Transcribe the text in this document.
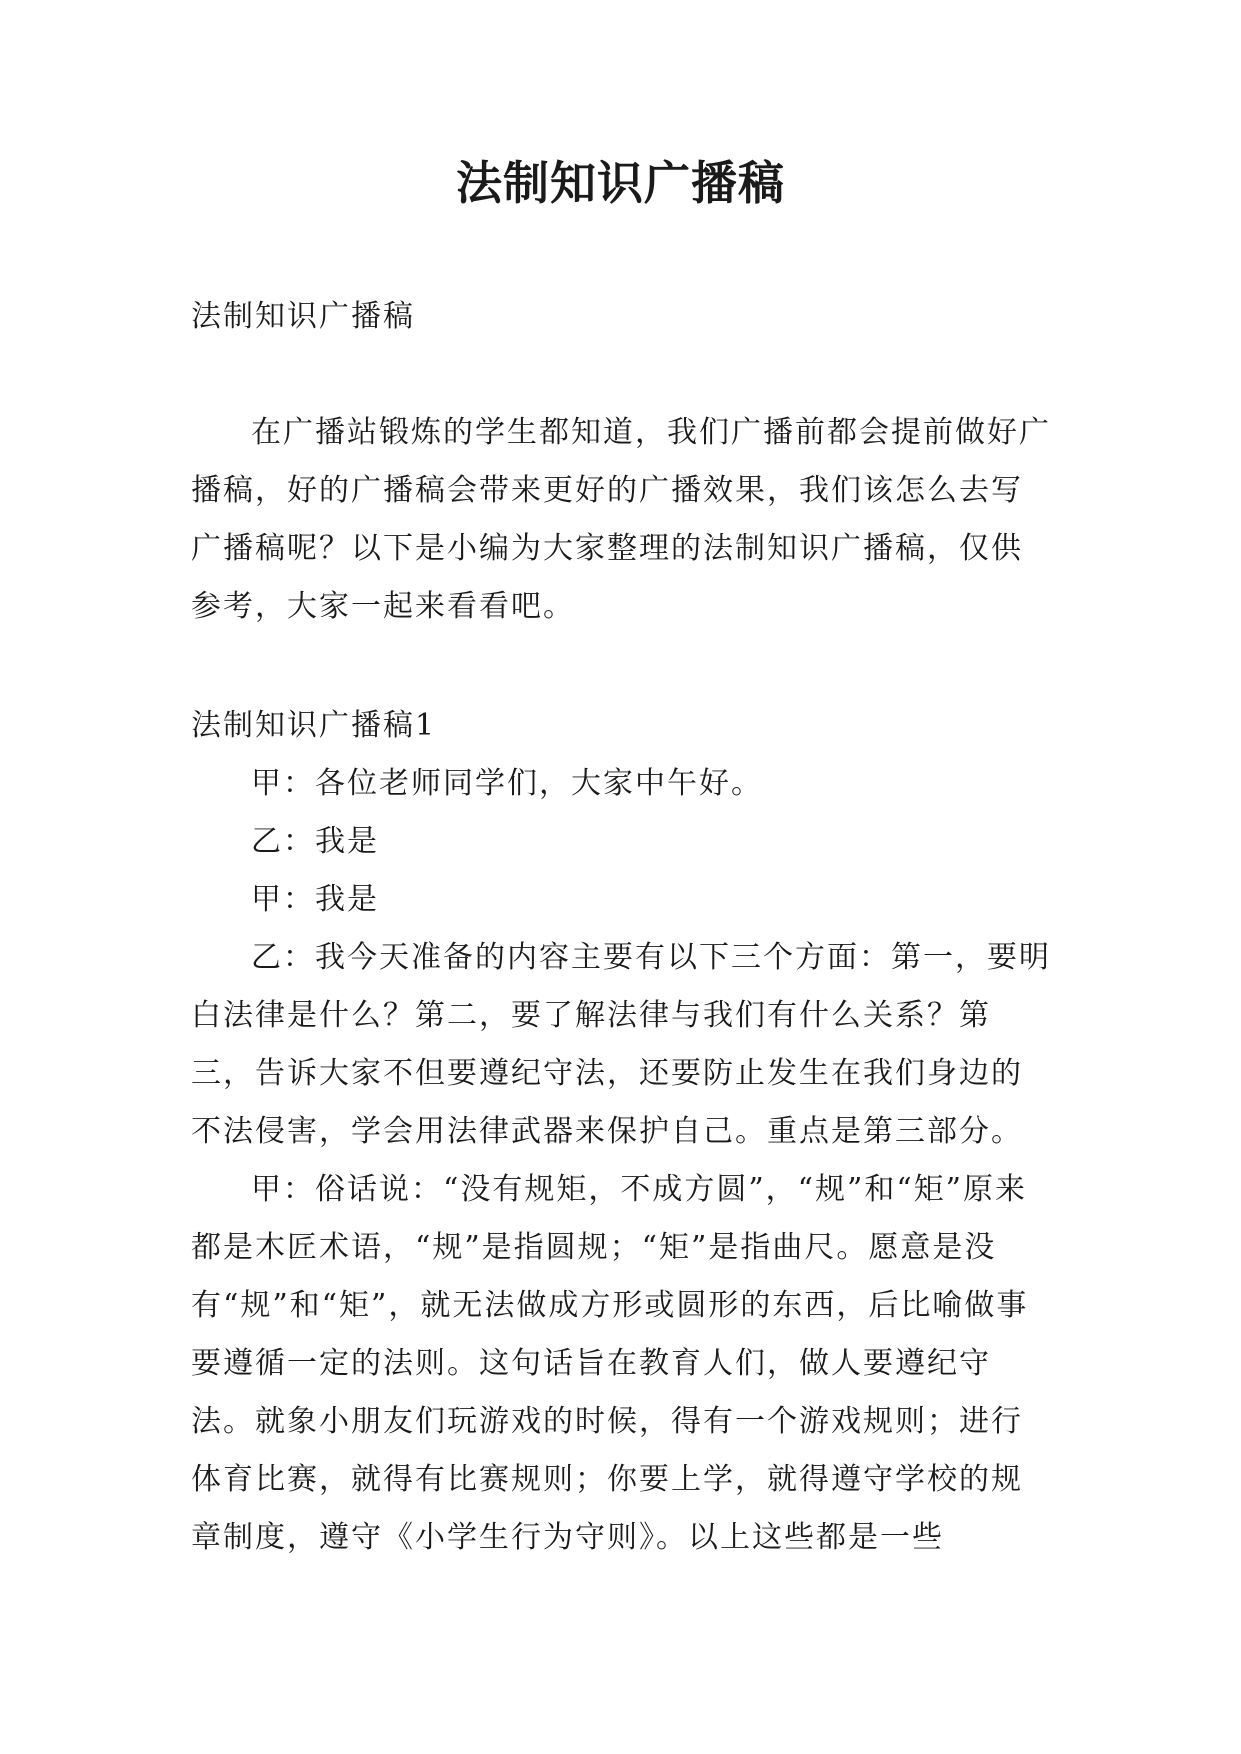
法制知识广播稿

法制知识广播稿

在广播站锻炼的学生都知道，我们广播前都会提前做好广播稿，好的广播稿会带来更好的广播效果，我们该怎么去写广播稿呢？以下是小编为大家整理的法制知识广播稿，仅供参考，大家一起来看看吧。

法制知识广播稿1

甲：各位老师同学们，大家中午好。

乙：我是

甲：我是

乙：我今天准备的内容主要有以下三个方面：第一，要明白法律是什么？第二，要了解法律与我们有什么关系？第三，告诉大家不但要遵纪守法，还要防止发生在我们身边的不法侵害，学会用法律武器来保护自己。重点是第三部分。

甲：俗话说：“没有规矩，不成方圆”，“规”和“矩”原来都是木匠术语，“规”是指圆规；“矩”是指曲尺。愿意是没有“规”和“矩”，就无法做成方形或圆形的东西，后比喻做事要遵循一定的法则。这句话旨在教育人们，做人要遵纪守法。就象小朋友们玩游戏的时候，得有一个游戏规则；进行体育比赛，就得有比赛规则；你要上学，就得遵守学校的规章制度，遵守《小学生行为守则》。以上这些都是一些
